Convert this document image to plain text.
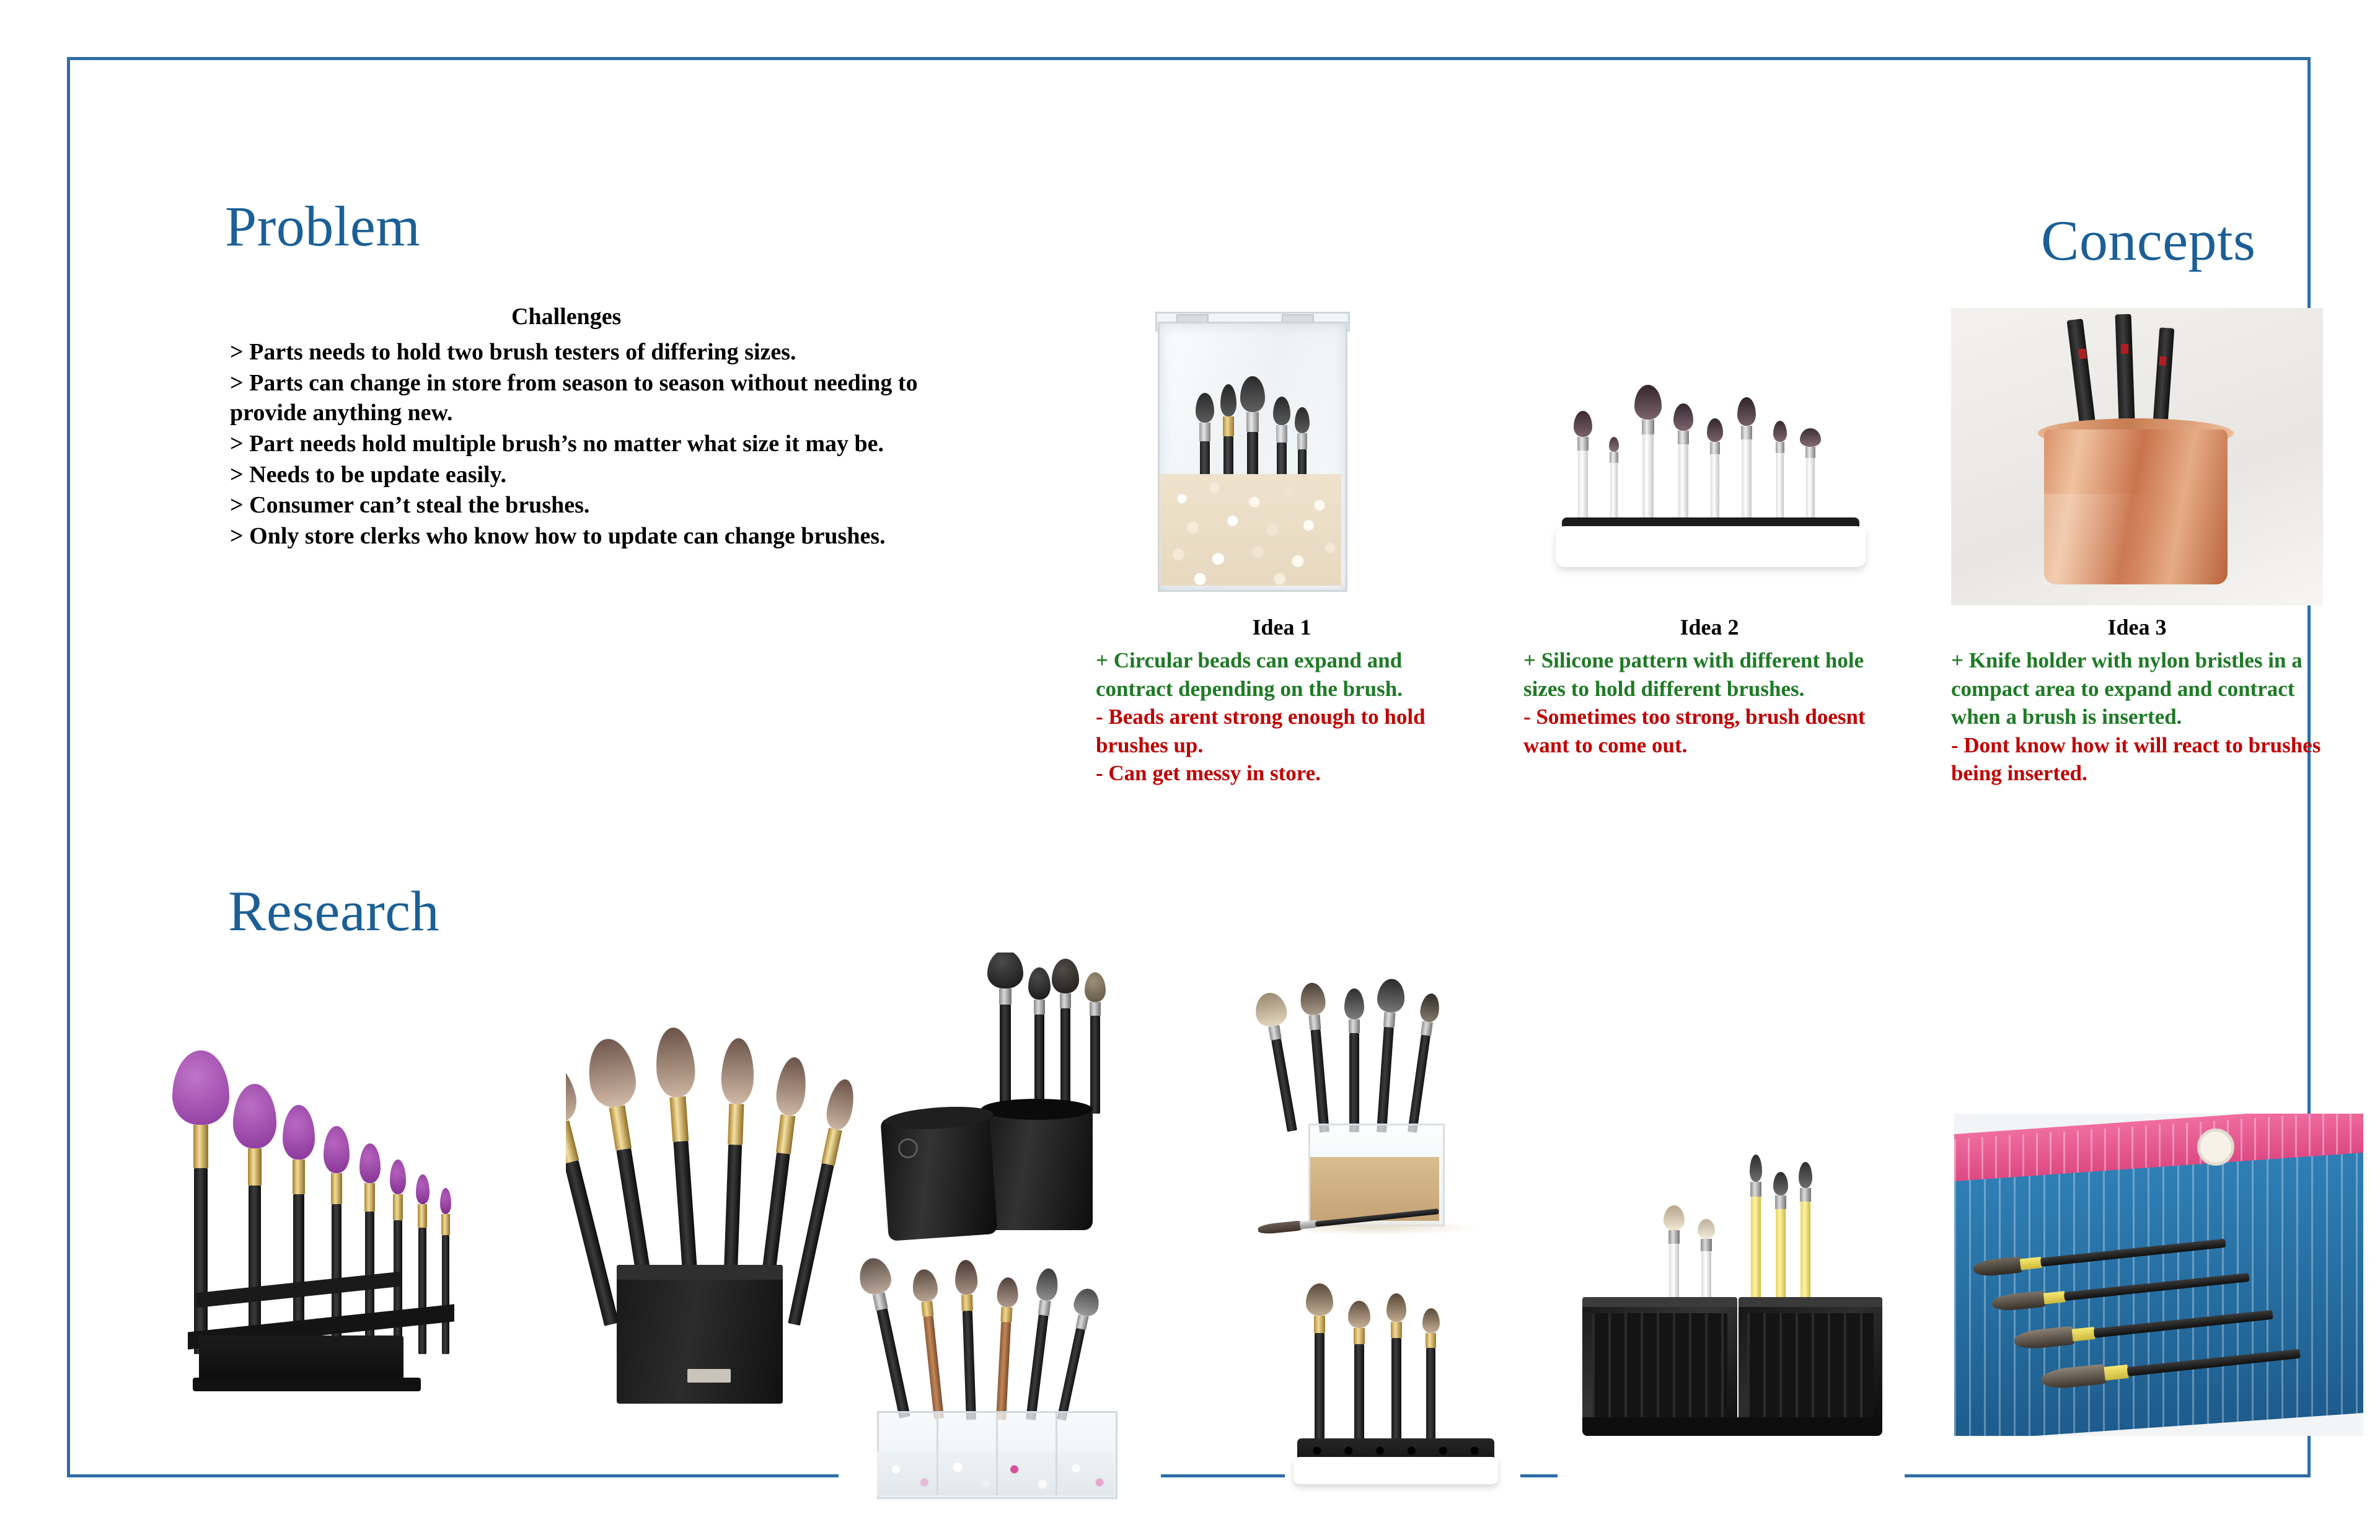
Problem
Challenges

> Parts needs to hold two brush testers of differing sizes.

> Parts can change in store from season to season without needing to provide anything new.

> Part needs hold multiple brush’s no matter what size it may be.

> Needs to be update easily.

> Consumer can’t steal the brushes.

> Only store clerks who know how to update can change brushes.

Concepts
Idea 1

+ Circular beads can expand and contract depending on the brush.

- Beads arent strong enough to hold brushes up.

- Can get messy in store.

Idea 2

+ Silicone pattern with different hole sizes to hold different brushes.

- Sometimes too strong, brush doesnt want to come out.

Idea 3

+ Knife holder with nylon bristles in a compact area to expand and contract when a brush is inserted.

- Dont know how it will react to brushes being inserted.

Research
